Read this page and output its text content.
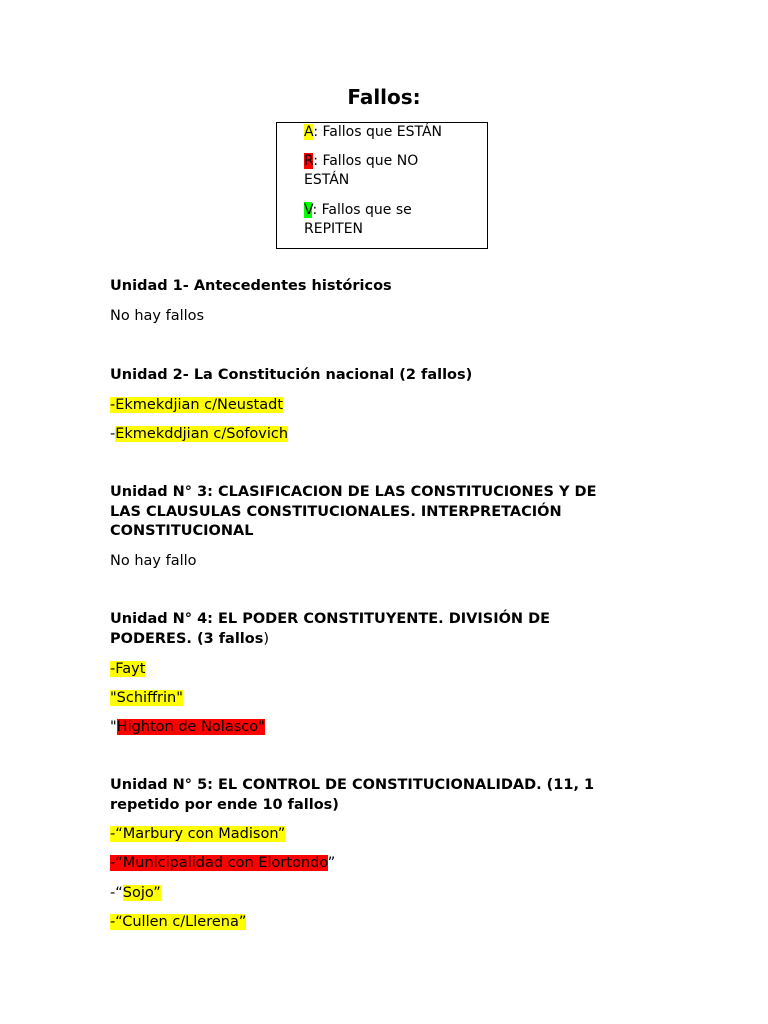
Fallos:
A: Fallos que ESTÁN
R: Fallos que NO
ESTÁN
V: Fallos que se
REPITEN
Unidad 1- Antecedentes históricos
No hay fallos
Unidad 2- La Constitución nacional (2 fallos)
-Ekmekdjian c/Neustadt
-Ekmekddjian c/Sofovich
Unidad N° 3: CLASIFICACION DE LAS CONSTITUCIONES Y DE
LAS CLAUSULAS CONSTITUCIONALES. INTERPRETACIÓN
CONSTITUCIONAL
No hay fallo
Unidad N° 4: EL PODER CONSTITUYENTE. DIVISIÓN DE
PODERES. (3 fallos)
-Fayt
"Schiffrin"
"Highton de Nolasco"
Unidad N° 5: EL CONTROL DE CONSTITUCIONALIDAD. (11, 1
repetido por ende 10 fallos)
-“Marbury con Madison”
-“Municipalidad con Elortondo”
-“Sojo”
-“Cullen c/Llerena”
